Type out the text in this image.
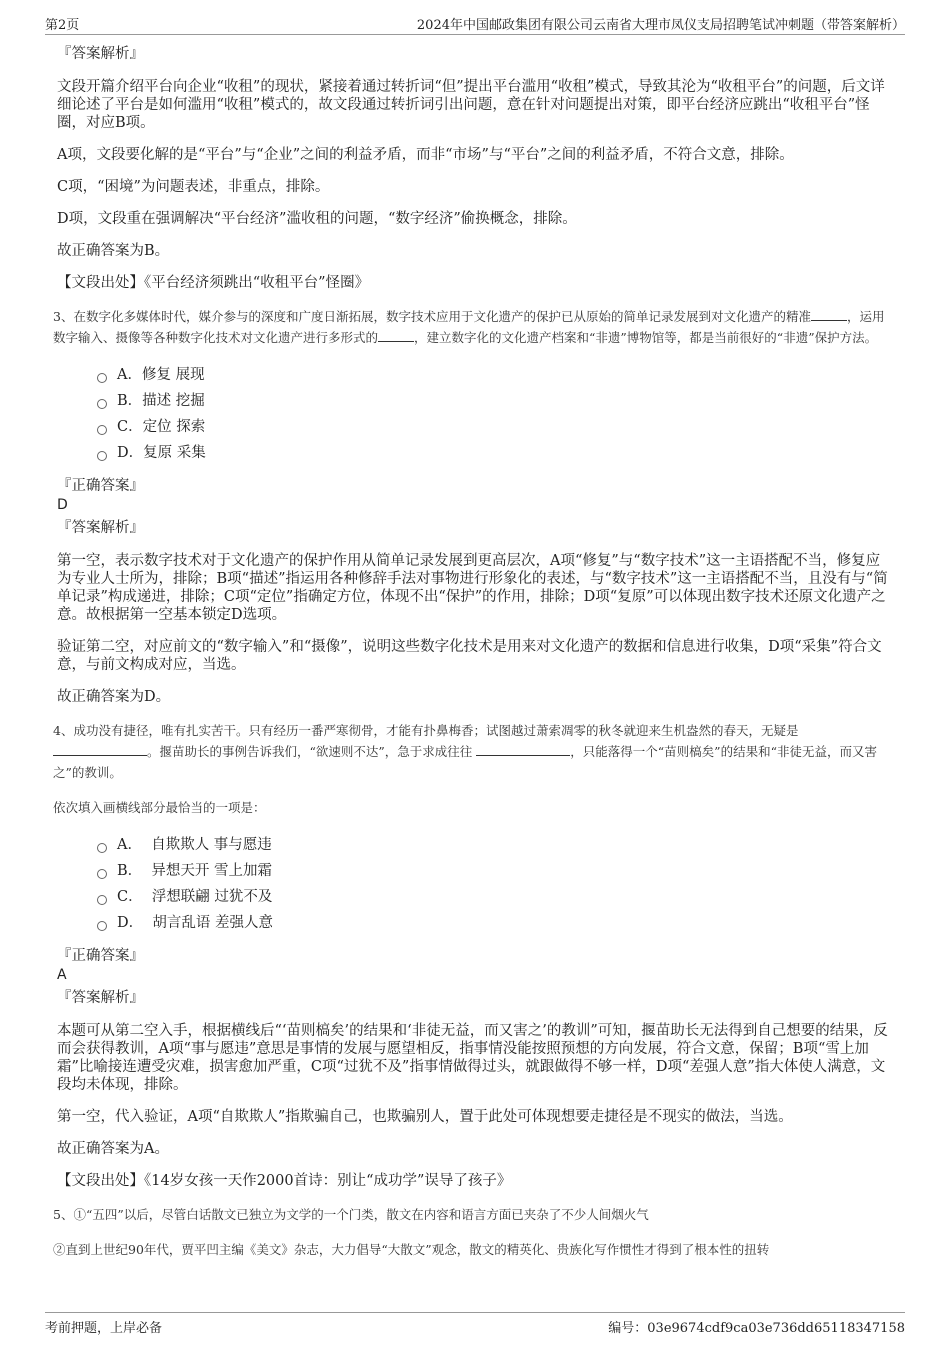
第2页	2024年中国邮政集团有限公司云南省大理市凤仪支局招聘笔试冲刺题（带答案解析）
『答案解析』

文段开篇介绍平台向企业“收租”的现状，紧接着通过转折词“但”提出平台滥用“收租”模式，导致其沦为“收租平台”的问题，后文详细论述了平台是如何滥用“收租”模式的，故文段通过转折词引出问题，意在针对问题提出对策，即平台经济应跳出“收租平台”怪圈，对应B项。

A项，文段要化解的是“平台”与“企业”之间的利益矛盾，而非“市场”与“平台”之间的利益矛盾，不符合文意，排除。

C项，“困境”为问题表述，非重点，排除。

D项，文段重在强调解决“平台经济”滥收租的问题，“数字经济”偷换概念，排除。

故正确答案为B。

【文段出处】《平台经济须跳出“收租平台”怪圈》

3、在数字化多媒体时代，媒介参与的深度和广度日渐拓展，数字技术应用于文化遗产的保护已从原始的简单记录发展到对文化遗产的精准	，运用数字输入、摄像等各种数字化技术对文化遗产进行多形式的	，建立数字化的文化遗产档案和“非遗”博物馆等，都是当前很好的“非遗”保护方法。

A．修复 展现
B．描述 挖掘
C．定位 探索
D．复原 采集
『正确答案』
D
『答案解析』

第一空，表示数字技术对于文化遗产的保护作用从简单记录发展到更高层次，A项“修复”与“数字技术”这一主语搭配不当，修复应为专业人士所为，排除；B项“描述”指运用各种修辞手法对事物进行形象化的表述，与“数字技术”这一主语搭配不当，且没有与“简单记录”构成递进，排除；C项“定位”指确定方位，体现不出“保护”的作用，排除；D项“复原”可以体现出数字技术还原文化遗产之意。故根据第一空基本锁定D选项。

验证第二空，对应前文的“数字输入”和“摄像”，说明这些数字化技术是用来对文化遗产的数据和信息进行收集，D项“采集”符合文意，与前文构成对应，当选。

故正确答案为D。

4、成功没有捷径，唯有扎实苦干。只有经历一番严寒彻骨，才能有扑鼻梅香；试图越过萧索凋零的秋冬就迎来生机盎然的春天，无疑是。揠苗助长的事例告诉我们，“欲速则不达”，急于求成往往	，只能落得一个“苗则槁矣”的结果和“非徒无益，而又害之”的教训。

依次填入画横线部分最恰当的一项是：

A．  自欺欺人 事与愿违
B．  异想天开 雪上加霜
C．  浮想联翩 过犹不及
D．  胡言乱语 差强人意
『正确答案』
A
『答案解析』

本题可从第二空入手，根据横线后“‘苗则槁矣’的结果和‘非徒无益，而又害之’的教训”可知，揠苗助长无法得到自己想要的结果，反而会获得教训，A项“事与愿违”意思是事情的发展与愿望相反，指事情没能按照预想的方向发展，符合文意，保留；B项“雪上加霜”比喻接连遭受灾难，损害愈加严重，C项“过犹不及”指事情做得过头，就跟做得不够一样，D项“差强人意”指大体使人满意，文段均未体现，排除。

第一空，代入验证，A项“自欺欺人”指欺骗自己，也欺骗别人，置于此处可体现想要走捷径是不现实的做法，当选。

故正确答案为A。

【文段出处】《14岁女孩一天作2000首诗：别让“成功学”误导了孩子》

5、①“五四”以后，尽管白话散文已独立为文学的一个门类，散文在内容和语言方面已夹杂了不少人间烟火气

②直到上世纪90年代，贾平凹主编《美文》杂志，大力倡导“大散文”观念，散文的精英化、贵族化写作惯性才得到了根本性的扭转

考前押题，上岸必备	编号：03e9674cdf9ca03e736dd65118347158
